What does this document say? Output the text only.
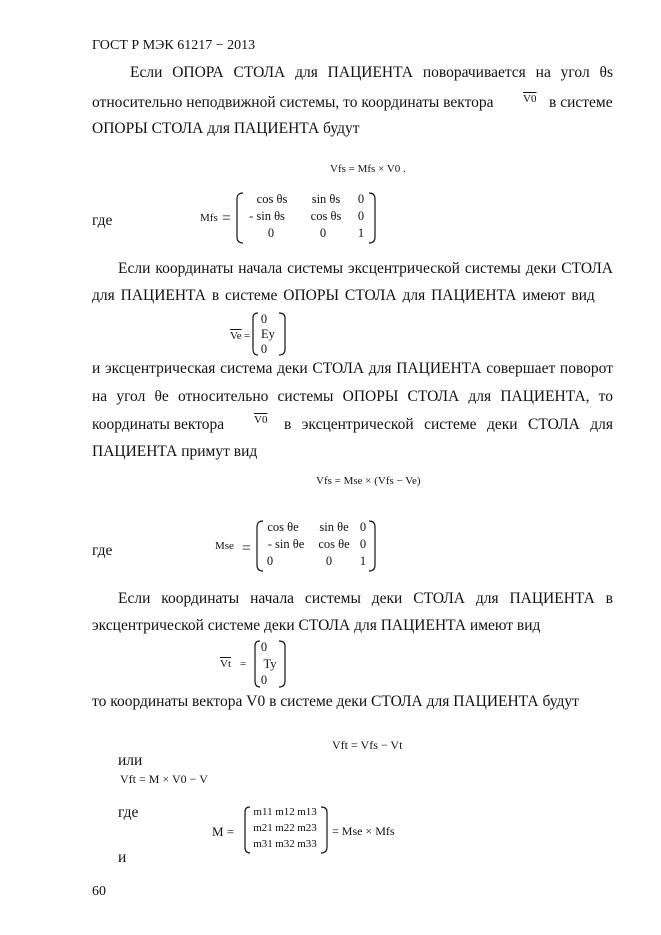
ГОСТ Р МЭК 61217 − 2013
Если ОПОРА СТОЛА для ПАЦИЕНТА поворачивается на угол θs
относительно неподвижной системы, то координаты вектора	V0 в системе
ОПОРЫ СТОЛА для ПАЦИЕНТА будут
Vfs = Mfs × V0 .
где	Mfs =
cos θs	sin θs	0
- sin θs	cos θs	0
0	0	1
Если координаты начала системы эксцентрической системы деки СТОЛА
для ПАЦИЕНТА в системе ОПОРЫ СТОЛА для ПАЦИЕНТА имеют вид
$\overline{Ve}$ =
0
Ey
0
и эксцентрическая система деки СТОЛА для ПАЦИЕНТА совершает поворот
на угол θe относительно системы ОПОРЫ СТОЛА для ПАЦИЕНТА, то
координаты вектора	V0 в эксцентрической системе деки СТОЛА для
ПАЦИЕНТА примут вид
Vfs = Mse × (Vfs − Ve)
где	Mse =
cos θe	sin θe 0
- sin θe	cos θe 0
0	0	1
Если координаты начала системы деки СТОЛА для ПАЦИЕНТА в
эксцентрической системе деки СТОЛА для ПАЦИЕНТА имеют вид
$\overline{Vt}$ =
0
Ty
0
то координаты вектора V0 в системе деки СТОЛА для ПАЦИЕНТА будут
Vft = Vfs − Vt
или
Vft = M × V0 − V
где
M =
m11 m12 m13
m21 m22 m23
m31 m32 m33
= Mse × Mfs
и
60
